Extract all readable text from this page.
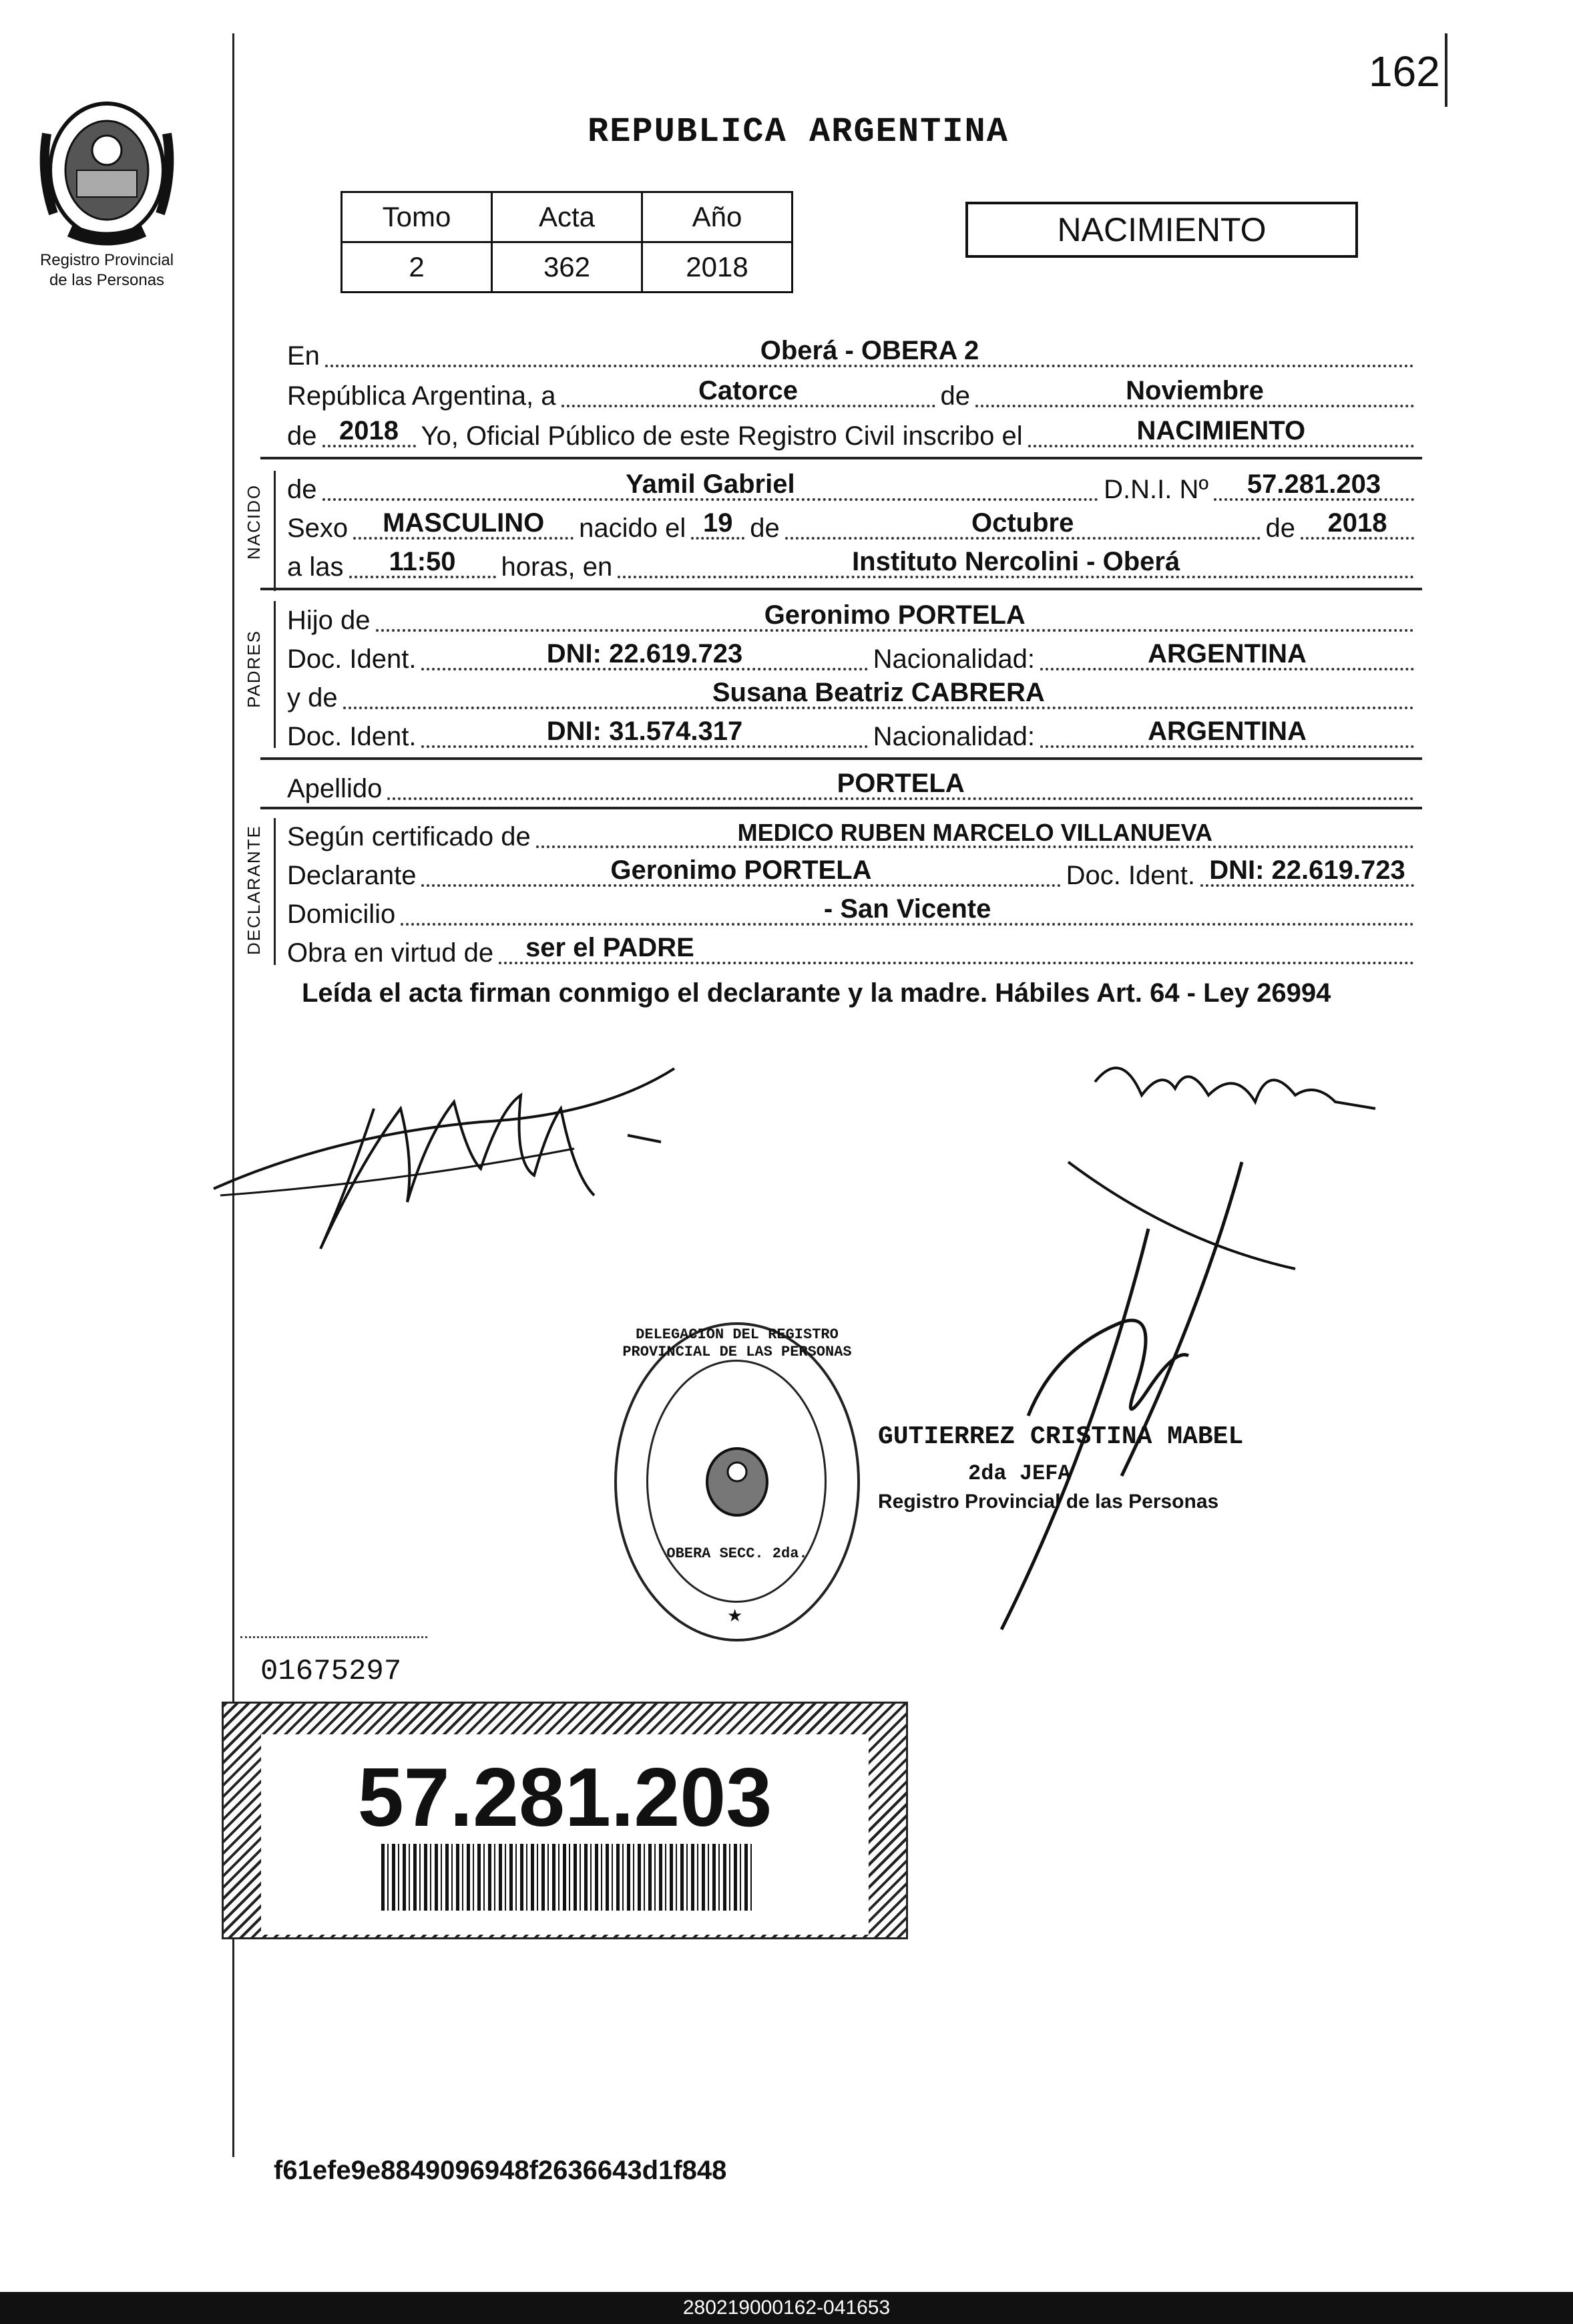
162
Registro Provincial
de las Personas
REPUBLICA ARGENTINA
Tomo	Acta	Año
2	362	2018
NACIMIENTO
En	Oberá - OBERA 2
República Argentina, a	Catorce	de	Noviembre
de 2018 Yo, Oficial Público de este Registro Civil inscribo el	NACIMIENTO
NACIDO de	Yamil Gabriel	D.N.I. Nº	57.281.203
Sexo	MASCULINO	nacido el 19 de	Octubre	de	2018
a las	11:50	horas, en	Instituto Nercolini - Oberá
PADRES
Hijo de	Geronimo PORTELA
Doc. Ident.	DNI: 22.619.723	Nacionalidad:	ARGENTINA
y de	Susana Beatriz CABRERA
Doc. Ident.	DNI: 31.574.317	Nacionalidad:	ARGENTINA
Apellido	PORTELA
DECLARANTE Según certificado de	MEDICO RUBEN MARCELO VILLANUEVA
Declarante	Geronimo PORTELA	Doc. Ident. DNI: 22.619.723
Domicilio	- San Vicente
Obra en virtud de ser el PADRE
Leída el acta firman conmigo el declarante y la madre. Hábiles Art. 64 - Ley 26994
DELEGACION DEL REGISTRO PROVINCIAL DE LAS PERSONAS
OBERA SECC. 2da.
★
GUTIERREZ CRISTINA MABEL
2da JEFA
Registro Provincial de las Personas
01675297
57.281.203
f61efe9e8849096948f2636643d1f848
280219000162-041653
